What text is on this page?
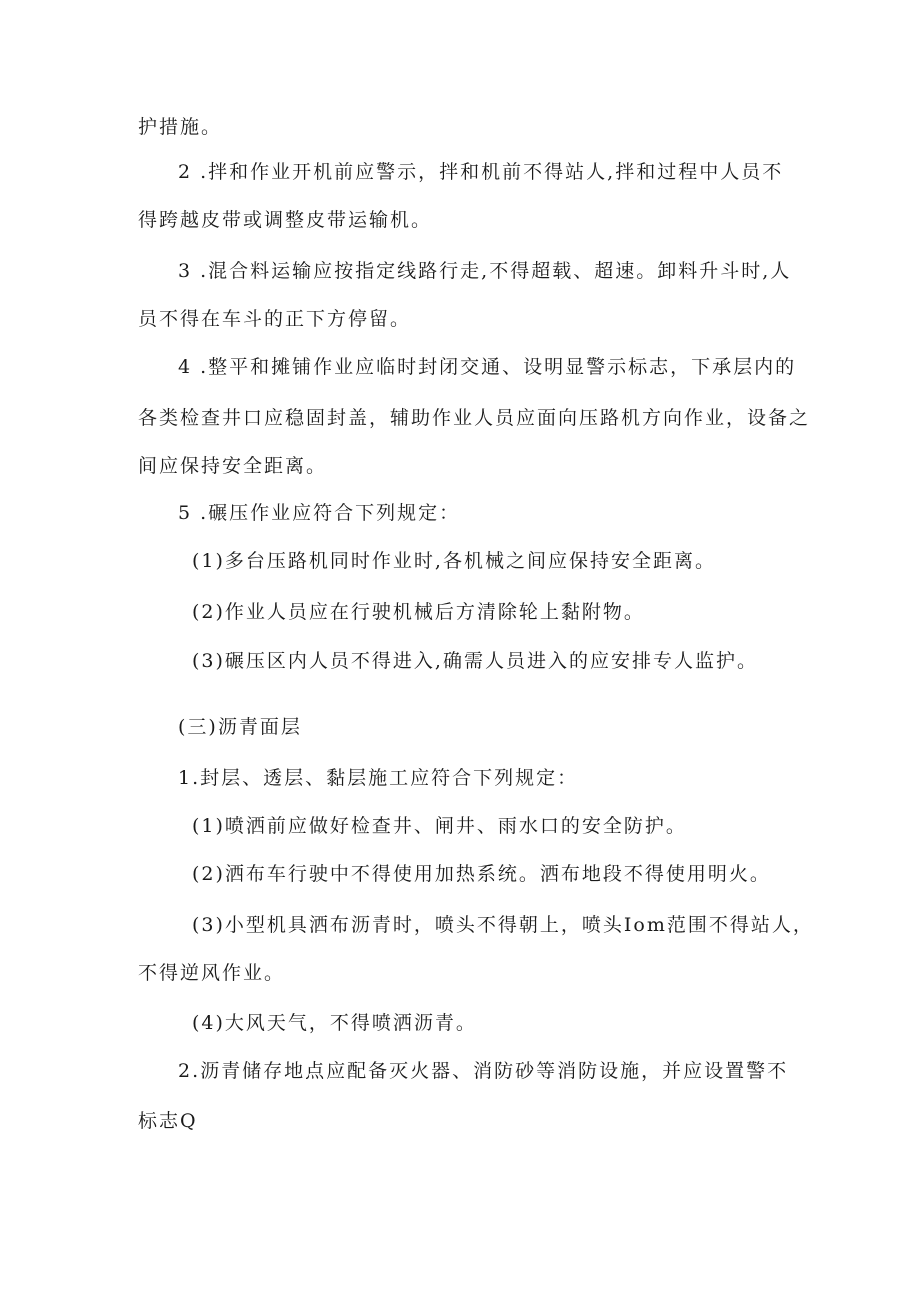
护措施。
2 .拌和作业开机前应警示，拌和机前不得站人,拌和过程中人员不
得跨越皮带或调整皮带运输机。
3 .混合料运输应按指定线路行走,不得超载、超速。卸料升斗时,人
员不得在车斗的正下方停留。
4 .整平和摊铺作业应临时封闭交通、设明显警示标志，下承层内的
各类检查井口应稳固封盖，辅助作业人员应面向压路机方向作业，设备之
间应保持安全距离。
5 .碾压作业应符合下列规定：
(1)多台压路机同时作业时,各机械之间应保持安全距离。
(2)作业人员应在行驶机械后方清除轮上黏附物。
(3)碾压区内人员不得进入,确需人员进入的应安排专人监护。
(三)沥青面层
1.封层、透层、黏层施工应符合下列规定：
(1)喷洒前应做好检查井、闸井、雨水口的安全防护。
(2)洒布车行驶中不得使用加热系统。洒布地段不得使用明火。
(3)小型机具洒布沥青时，喷头不得朝上，喷头Iom范围不得站人，
不得逆风作业。
(4)大风天气，不得喷洒沥青。
2.沥青储存地点应配备灭火器、消防砂等消防设施，并应设置警不
标志Q
